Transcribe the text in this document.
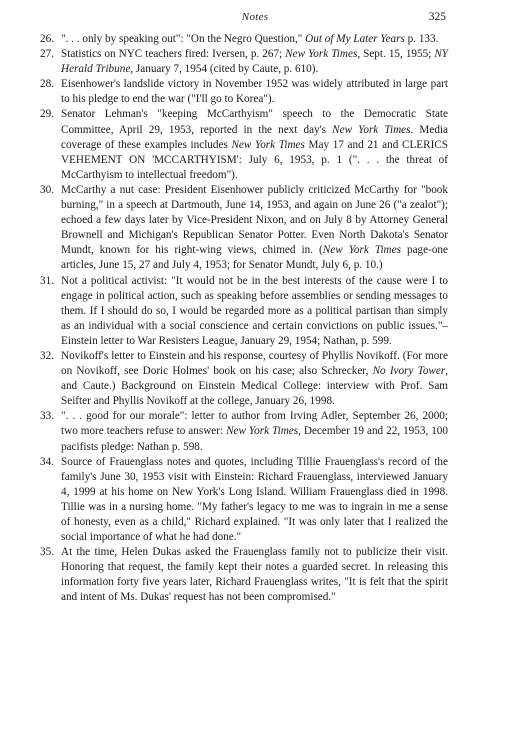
Notes	325
26. ". . . only by speaking out": "On the Negro Question," Out of My Later Years p. 133.
27. Statistics on NYC teachers fired: Iversen, p. 267; New York Times, Sept. 15, 1955; NY Herald Tribune, January 7, 1954 (cited by Caute, p. 610).
28. Eisenhower's landslide victory in November 1952 was widely attributed in large part to his pledge to end the war ("I'll go to Korea").
29. Senator Lehman's "keeping McCarthyism" speech to the Democratic State Committee, April 29, 1953, reported in the next day's New York Times. Media coverage of these examples includes New York Times May 17 and 21 and CLERICS VEHEMENT ON 'MCCARTHYISM': July 6, 1953, p. 1 (". . . the threat of McCarthyism to intellectual freedom").
30. McCarthy a nut case: President Eisenhower publicly criticized McCarthy for "book burning," in a speech at Dartmouth, June 14, 1953, and again on June 26 ("a zealot"); echoed a few days later by Vice-President Nixon, and on July 8 by Attorney General Brownell and Michigan's Republican Senator Potter. Even North Dakota's Senator Mundt, known for his right-wing views, chimed in. (New York Times page-one articles, June 15, 27 and July 4, 1953; for Senator Mundt, July 6, p. 10.)
31. Not a political activist: "It would not be in the best interests of the cause were I to engage in political action, such as speaking before assemblies or sending messages to them. If I should do so, I would be regarded more as a political partisan than simply as an individual with a social conscience and certain convictions on public issues."– Einstein letter to War Resisters League, January 29, 1954; Nathan, p. 599.
32. Novikoff's letter to Einstein and his response, courtesy of Phyllis Novikoff. (For more on Novikoff, see Doric Holmes' book on his case; also Schrecker, No Ivory Tower, and Caute.) Background on Einstein Medical College: interview with Prof. Sam Seifter and Phyllis Novikoff at the college, January 26, 1998.
33. ". . . good for our morale": letter to author from Irving Adler, September 26, 2000; two more teachers refuse to answer: New York Times, December 19 and 22, 1953, 100 pacifists pledge: Nathan p. 598.
34. Source of Frauenglass notes and quotes, including Tillie Frauenglass's record of the family's June 30, 1953 visit with Einstein: Richard Frauenglass, interviewed January 4, 1999 at his home on New York's Long Island. William Frauenglass died in 1998. Tillie was in a nursing home. "My father's legacy to me was to ingrain in me a sense of honesty, even as a child," Richard explained. "It was only later that I realized the social importance of what he had done."
35. At the time, Helen Dukas asked the Frauenglass family not to publicize their visit. Honoring that request, the family kept their notes a guarded secret. In releasing this information forty five years later, Richard Frauenglass writes, "It is felt that the spirit and intent of Ms. Dukas' request has not been compromised."
